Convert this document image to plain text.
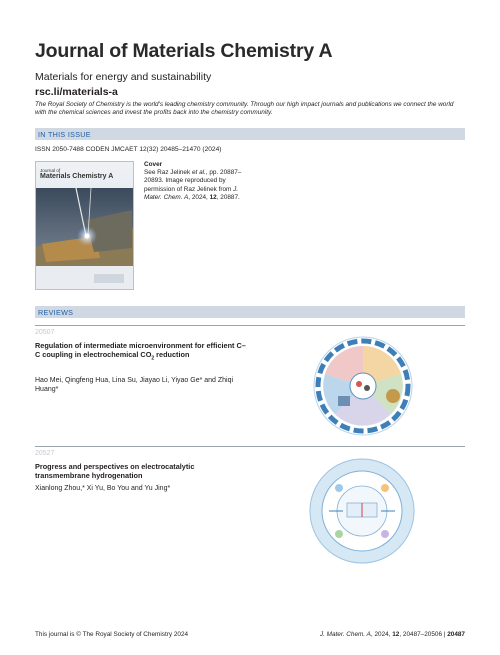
Journal of Materials Chemistry A
Materials for energy and sustainability
rsc.li/materials-a
The Royal Society of Chemistry is the world's leading chemistry community. Through our high impact journals and publications we connect the world with the chemical sciences and invest the profits back into the chemistry community.
IN THIS ISSUE
ISSN 2050-7488 CODEN JMCAET 12(32) 20485–21470 (2024)
Journal of
Materials Chemistry A
Cover
See Raz Jelinek et al., pp. 20887–20893. Image reproduced by permission of Raz Jelinek from J. Mater. Chem. A, 2024, 12, 20887.
REVIEWS
20507
Regulation of intermediate microenvironment for efficient C–C coupling in electrochemical $CO_2$ reduction
Hao Mei, Qingfeng Hua, Lina Su, Jiayao Li, Yiyao Ge* and Zhiqi Huang*
20527
Progress and perspectives on electrocatalytic transmembrane hydrogenation
Xianlong Zhou,* Xi Yu, Bo You and Yu Jing*
This journal is © The Royal Society of Chemistry 2024	J. Mater. Chem. A, 2024, 12, 20487–20506 | 20487
